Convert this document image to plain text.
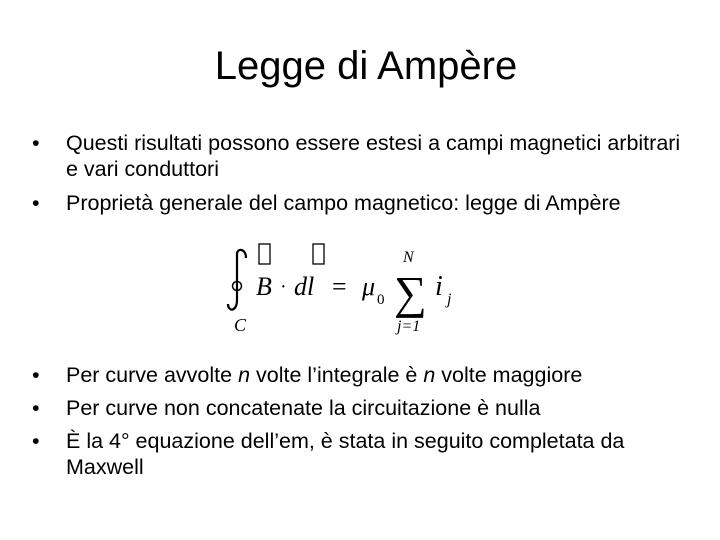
Legge di Ampère
• Questi risultati possono essere estesi a campi magnetici arbitrari e vari conduttori
• Proprietà generale del campo magnetico: legge di Ampère
C
B · dl = μ 0 ∑
N
j=1
i j
• Per curve avvolte n volte l’integrale è n volte maggiore
• Per curve non concatenate la circuitazione è nulla
• È la 4° equazione dell’em, è stata in seguito completata da Maxwell
